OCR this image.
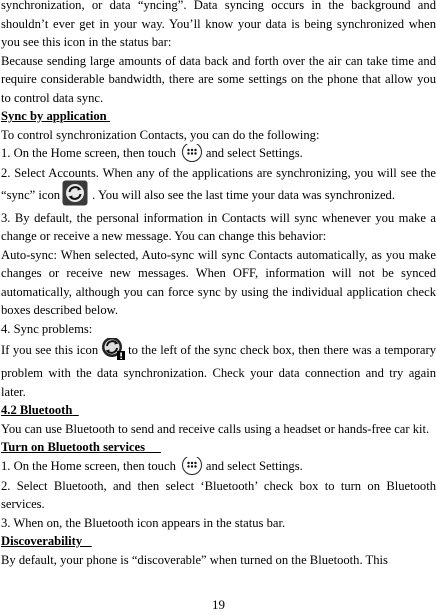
synchronization, or data “yncing”. Data syncing occurs in the background and shouldn’t ever get in your way. You’ll know your data is being synchronized when you see this icon in the status bar:

Because sending large amounts of data back and forth over the air can take time and require considerable bandwidth, there are some settings on the phone that allow you to control data sync.

Sync by application

To control synchronization Contacts, you can do the following:

1. On the Home screen, then touch and select Settings.

2. Select Accounts. When any of the applications are synchronizing, you will see the “sync” icon	. You will also see the last time your data was synchronized.

3. By default, the personal information in Contacts will sync whenever you make a change or receive a new message. You can change this behavior:

Auto-sync: When selected, Auto-sync will sync Contacts automatically, as you make changes or receive new messages. When OFF, information will not be synced automatically, although you can force sync by using the individual application check boxes described below.

4. Sync problems:

If you see this icon to the left of the sync check box, then there was a temporary problem with the data synchronization. Check your data connection and try again later.

4.2 Bluetooth

You can use Bluetooth to send and receive calls using a headset or hands-free car kit.

Turn on Bluetooth services

1. On the Home screen, then touch and select Settings.

2. Select Bluetooth, and then select ‘Bluetooth’ check box to turn on Bluetooth services.

3. When on, the Bluetooth icon appears in the status bar.

Discoverability

By default, your phone is “discoverable” when turned on the Bluetooth. This

19
